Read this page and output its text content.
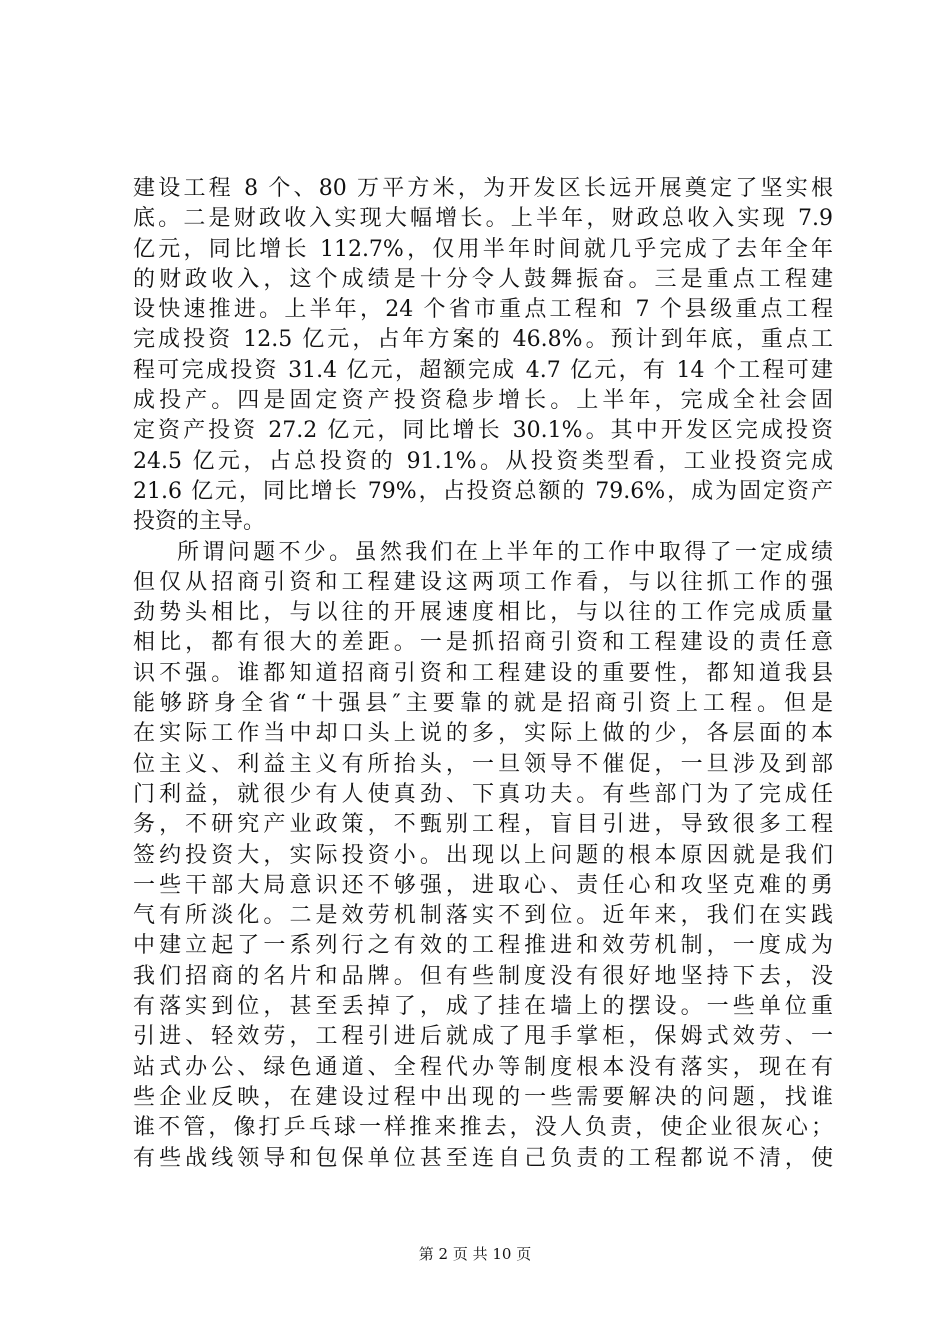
建设工程 8 个、80 万平方米，为开发区长远开展奠定了坚实根
底。二是财政收入实现大幅增长。上半年，财政总收入实现 7.9
亿元，同比增长 112.7%，仅用半年时间就几乎完成了去年全年
的财政收入，这个成绩是十分令人鼓舞振奋。三是重点工程建
设快速推进。上半年，24 个省市重点工程和 7 个县级重点工程
完成投资 12.5 亿元，占年方案的 46.8%。预计到年底，重点工
程可完成投资 31.4 亿元，超额完成 4.7 亿元，有 14 个工程可建
成投产。四是固定资产投资稳步增长。上半年，完成全社会固
定资产投资 27.2 亿元，同比增长 30.1%。其中开发区完成投资
24.5 亿元，占总投资的 91.1%。从投资类型看，工业投资完成
21.6 亿元，同比增长 79%，占投资总额的 79.6%，成为固定资产
投资的主导。
所谓问题不少。虽然我们在上半年的工作中取得了一定成绩
但仅从招商引资和工程建设这两项工作看，与以往抓工作的强
劲势头相比，与以往的开展速度相比，与以往的工作完成质量
相比，都有很大的差距。一是抓招商引资和工程建设的责任意
识不强。谁都知道招商引资和工程建设的重要性，都知道我县
能够跻身全省“十强县″主要靠的就是招商引资上工程。但是
在实际工作当中却口头上说的多，实际上做的少，各层面的本
位主义、利益主义有所抬头，一旦领导不催促，一旦涉及到部
门利益，就很少有人使真劲、下真功夫。有些部门为了完成任
务，不研究产业政策，不甄别工程，盲目引进，导致很多工程
签约投资大，实际投资小。出现以上问题的根本原因就是我们
一些干部大局意识还不够强，进取心、责任心和攻坚克难的勇
气有所淡化。二是效劳机制落实不到位。近年来，我们在实践
中建立起了一系列行之有效的工程推进和效劳机制，一度成为
我们招商的名片和品牌。但有些制度没有很好地坚持下去，没
有落实到位，甚至丢掉了，成了挂在墙上的摆设。一些单位重
引进、轻效劳，工程引进后就成了甩手掌柜，保姆式效劳、一
站式办公、绿色通道、全程代办等制度根本没有落实，现在有
些企业反映，在建设过程中出现的一些需要解决的问题，找谁
谁不管，像打乒乓球一样推来推去，没人负责，使企业很灰心；
有些战线领导和包保单位甚至连自己负责的工程都说不清，使
第 2 页 共 10 页
